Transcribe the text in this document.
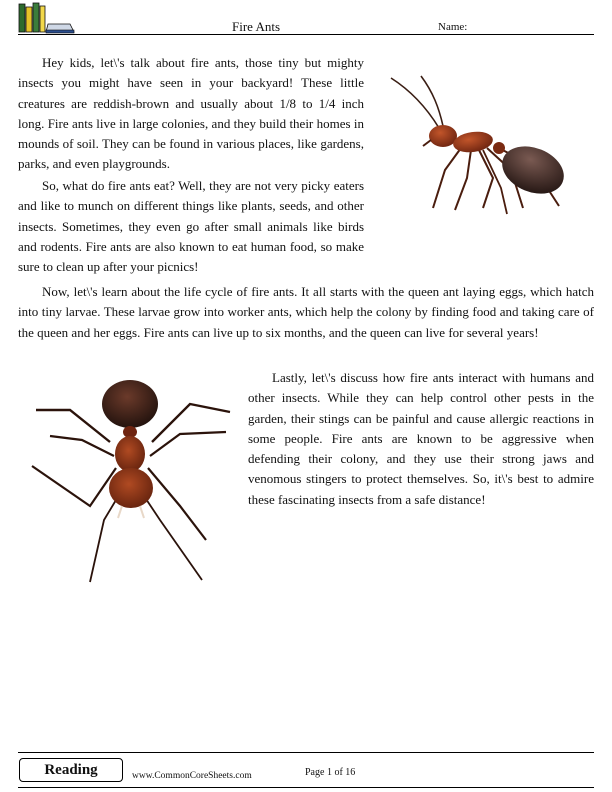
Fire Ants	Name:

Hey kids, let\'s talk about fire ants, those tiny but mighty insects you might have seen in your backyard! These little creatures are reddish-brown and usually about 1/8 to 1/4 inch long. Fire ants live in large colonies, and they build their homes in mounds of soil. They can be found in various places, like gardens, parks, and even playgrounds.

So, what do fire ants eat? Well, they are not very picky eaters and like to munch on different things like plants, seeds, and other insects. Sometimes, they even go after small animals like birds and rodents. Fire ants are also known to eat human food, so make sure to clean up after your picnics!

Now, let\'s learn about the life cycle of fire ants. It all starts with the queen ant laying eggs, which hatch into tiny larvae. These larvae grow into worker ants, which help the colony by finding food and taking care of the queen and her eggs. Fire ants can live up to six months, and the queen can live for several years!

Lastly, let\'s discuss how fire ants interact with humans and other insects. While they can help control other pests in the garden, their stings can be painful and cause allergic reactions in some people. Fire ants are known to be aggressive when defending their colony, and they use their strong jaws and venomous stingers to protect themselves. So, it\'s best to admire these fascinating insects from a safe distance!

Reading	www.CommonCoreSheets.com	Page 1 of 16
